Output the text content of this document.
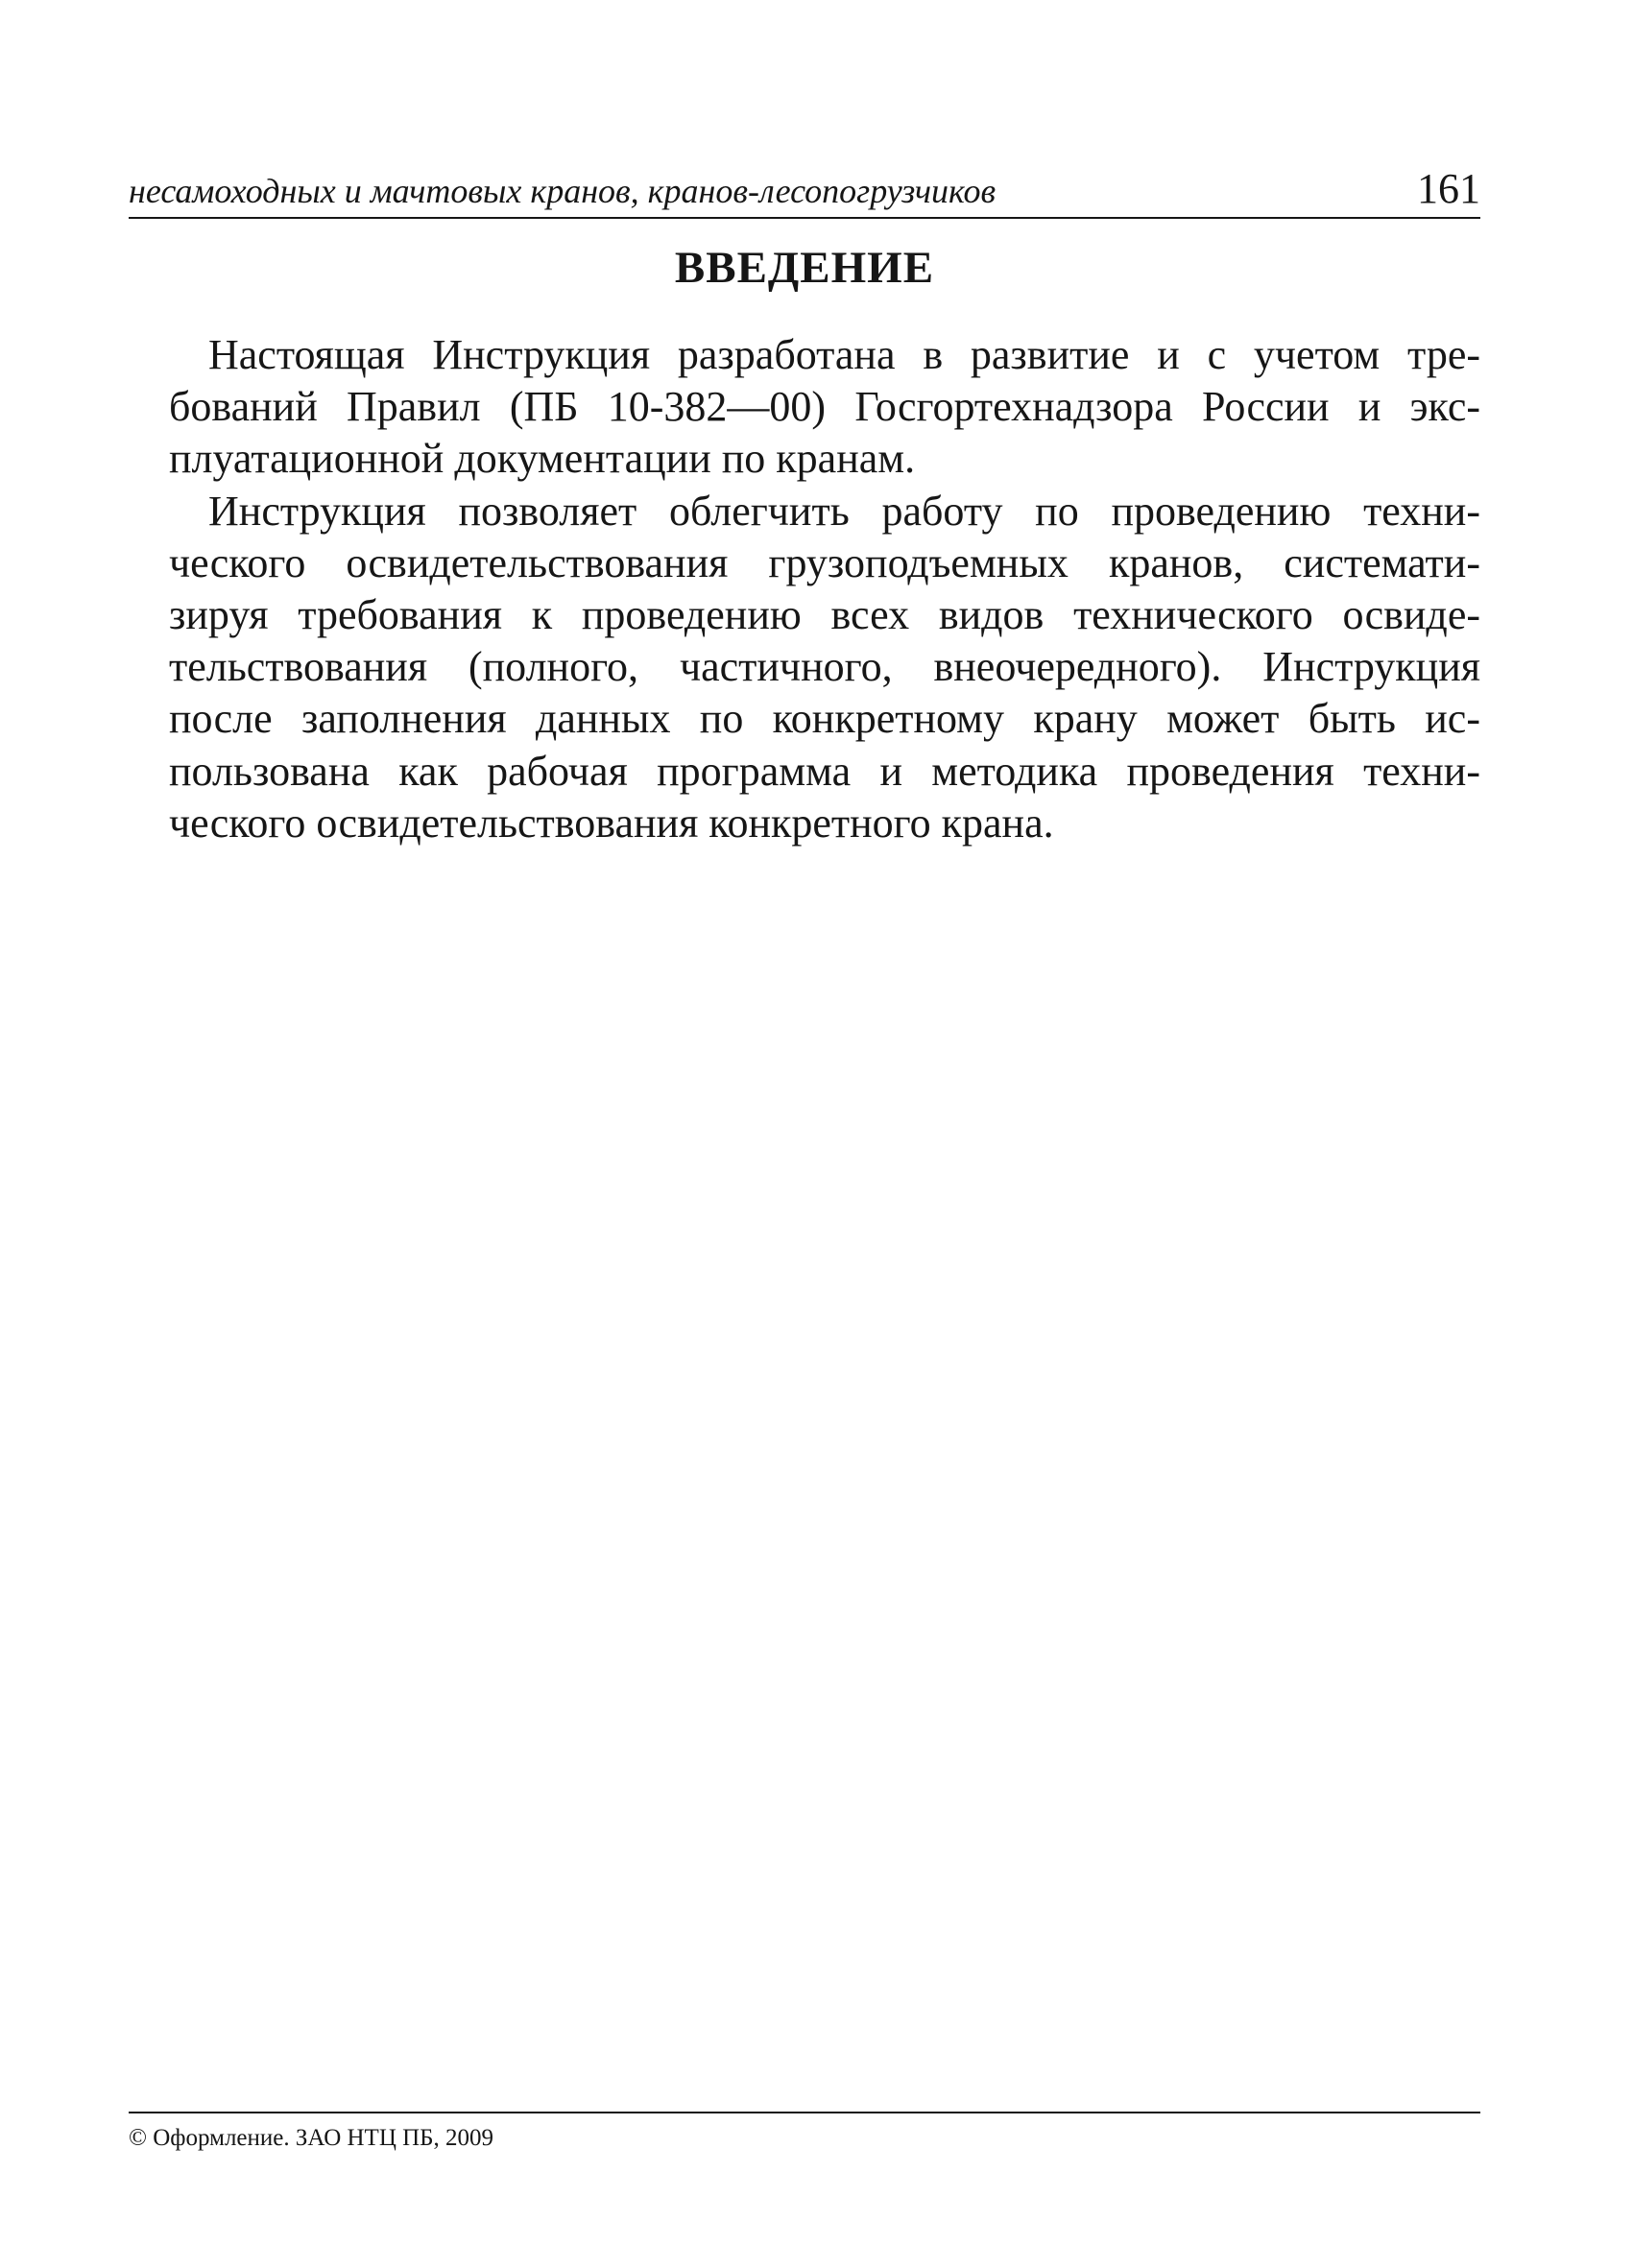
несамоходных и мачтовых кранов, кранов-лесопогрузчиков	161
ВВЕДЕНИЕ
Настоящая Инструкция разработана в развитие и с учетом тре-
бований Правил (ПБ 10-382—00) Госгортехнадзора России и экс-
плуатационной документации по кранам.
Инструкция позволяет облегчить работу по проведению техни-
ческого освидетельствования грузоподъемных кранов, системати-
зируя требования к проведению всех видов технического освиде-
тельствования (полного, частичного, внеочередного). Инструкция
после заполнения данных по конкретному крану может быть ис-
пользована как рабочая программа и методика проведения техни-
ческого освидетельствования конкретного крана.
© Оформление. ЗАО НТЦ ПБ, 2009
